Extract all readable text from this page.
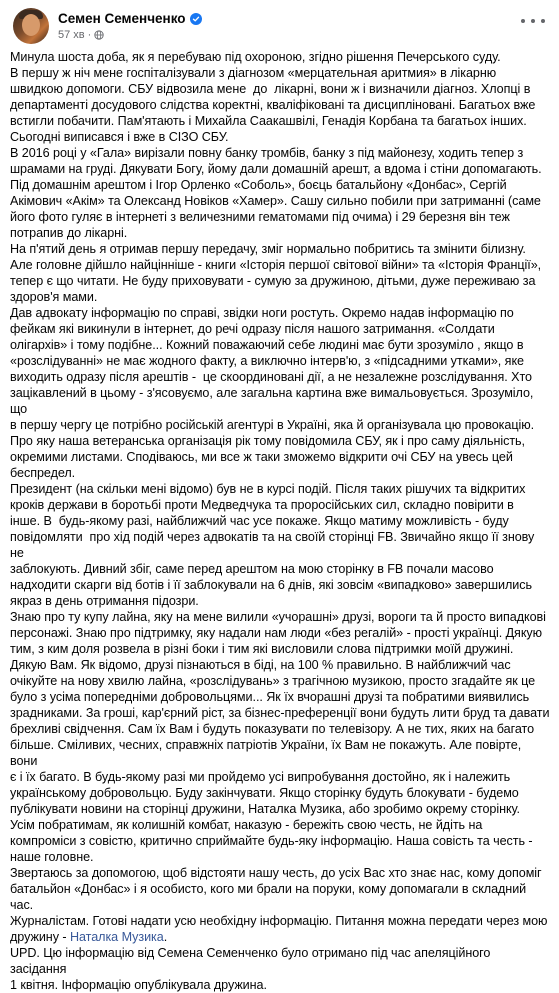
Семен Семенченко
57 хв ·

Минула шоста доба, як я перебуваю під охороною, згідно рішення Печерського суду.
В першу ж ніч мене госпіталізували з діагнозом «мерцательная аритмия» в лікарню
швидкою допомоги. СБУ відвозила мене  до  лікарні, вони ж і визначили діагноз. Хлопці в
департаменті досудового слідства коректні, кваліфіковані та дисципліновані. Багатьох вже
встигли побачити. Пам'ятають і Михайла Саакашвілі, Генадія Корбана та багатьох інших.
Сьогодні виписався і вже в СІЗО СБУ.

В 2016 році у «Гала» вирізали повну банку тромбів, банку з під майонезу, ходить тепер з
шрамами на груді. Дякувати Богу, йому дали домашній арешт, а вдома і стіни допомагають.
Під домашнім арештом і Ігор Орленко «Соболь», боєць батальйону «Донбас», Сергій
Акімович «Акім» та Олександ Новіков «Хамер». Сашу сильно побили при затриманні (саме
його фото гуляє в інтернеті з величезними гематомами під очима) і 29 березня він теж
потрапив до лікарні.

На п'ятий день я отримав першу передачу, зміг нормально побритись та змінити білизну.
Але головне дійшло найцінніше - книги «Історія першої світової війни» та «Історія Франції»,
тепер є що читати. Не буду приховувати - сумую за дружиною, дітьми, дуже переживаю за
здоров'я мами.

Дав адвокату інформацію по справі, звідки ноги ростуть. Окремо надав інформацію по
фейкам які викинули в інтернет, до речі одразу після нашого затримання. «Солдати
олігархів» і тому подібне... Кожний поважаючий себе людині має бути зрозуміло , якщо в
«розслідуванні» не має жодного факту, а виключно інтерв'ю, з «підсадними утками», яке
виходить одразу після арештів -  це скоординовані дії, а не незалежне розслідування. Хто
зацікавлений в цьому - з'ясовуємо, але загальна картина вже вимальовується. Зрозуміло, що
в першу чергу це потрібно російській агентурі в Україні, яка й організувала цю провокацію.
Про яку наша ветеранська організація рік тому повідомила СБУ, як і про саму діяльність,
окремими листами. Сподіваюсь, ми все ж таки зможемо відкрити очі СБУ на увесь цей
беспредел.

Президент (на скільки мені відомо) був не в курсі подій. Після таких рішучих та відкритих
кроків держави в боротьбі проти Медведчука та проросійських сил, складно повірити в
інше. В  будь-якому разі, найближчий час усе покаже. Якщо матиму можливість - буду
повідомляти  про хід подій через адвокатів та на своїй сторінці FB. Звичайно якщо її знову не
заблокують. Дивний збіг, саме перед арештом на мою сторінку в FB почали масово
надходити скарги від ботів і її заблокували на 6 днів, які зовсім «випадково» завершились
якраз в день отримання підозри.

Знаю про ту купу лайна, яку на мене вилили «учорашні» друзі, вороги та й просто випадкові
персонажі. Знаю про підтримку, яку надали нам люди «без регалій» - прості українці. Дякую
тим, з ким доля розвела в різні боки і тим які висловили слова підтримки моїй дружині.
Дякую Вам. Як відомо, друзі пізнаються в біді, на 100 % правильно. В найближчий час
очікуйте на нову хвилю лайна, «розслідувань» з трагічною музикою, просто згадайте як це
було з усіма попередніми добровольцями... Як їх вчорашні друзі та побратими виявились
зрадниками. За гроші, кар'єрний ріст, за бізнес-преференції вони будуть лити бруд та давати
брехливі свідчення. Сам їх Вам і будуть показувати по телевізору. А не тих, яких на багато
більше. Сміливих, чесних, справжніх патріотів України, їх Вам не покажуть. Але повірте, вони
є і їх багато. В будь-якому разі ми пройдемо усі випробування достойно, як і належить
українському добровольцю. Буду закінчувати. Якщо сторінку будуть блокувати - будемо
публікувати новини на сторінці дружини, Наталка Музика, або зробимо окрему сторінку.
Усім побратимам, як колишній комбат, наказую - бережіть свою честь, не йдіть на
компроміси з совістю, критично сприймайте будь-яку інформацію. Наша совість та честь -
наше головне.

Звертаюсь за допомогою, щоб відстояти нашу честь, до усіх Вас хто знає нас, кому допоміг
батальйон «Донбас» і я особисто, кого ми брали на поруки, кому допомагали в складний
час.

Журналістам. Готові надати усю необхідну інформацію. Питання можна передати через мою
дружину - Наталка Музика.

UPD. Цю інформацію від Семена Семенченко було отримано під час апеляційного засідання
1 квітня. Інформацію опублікувала дружина.
